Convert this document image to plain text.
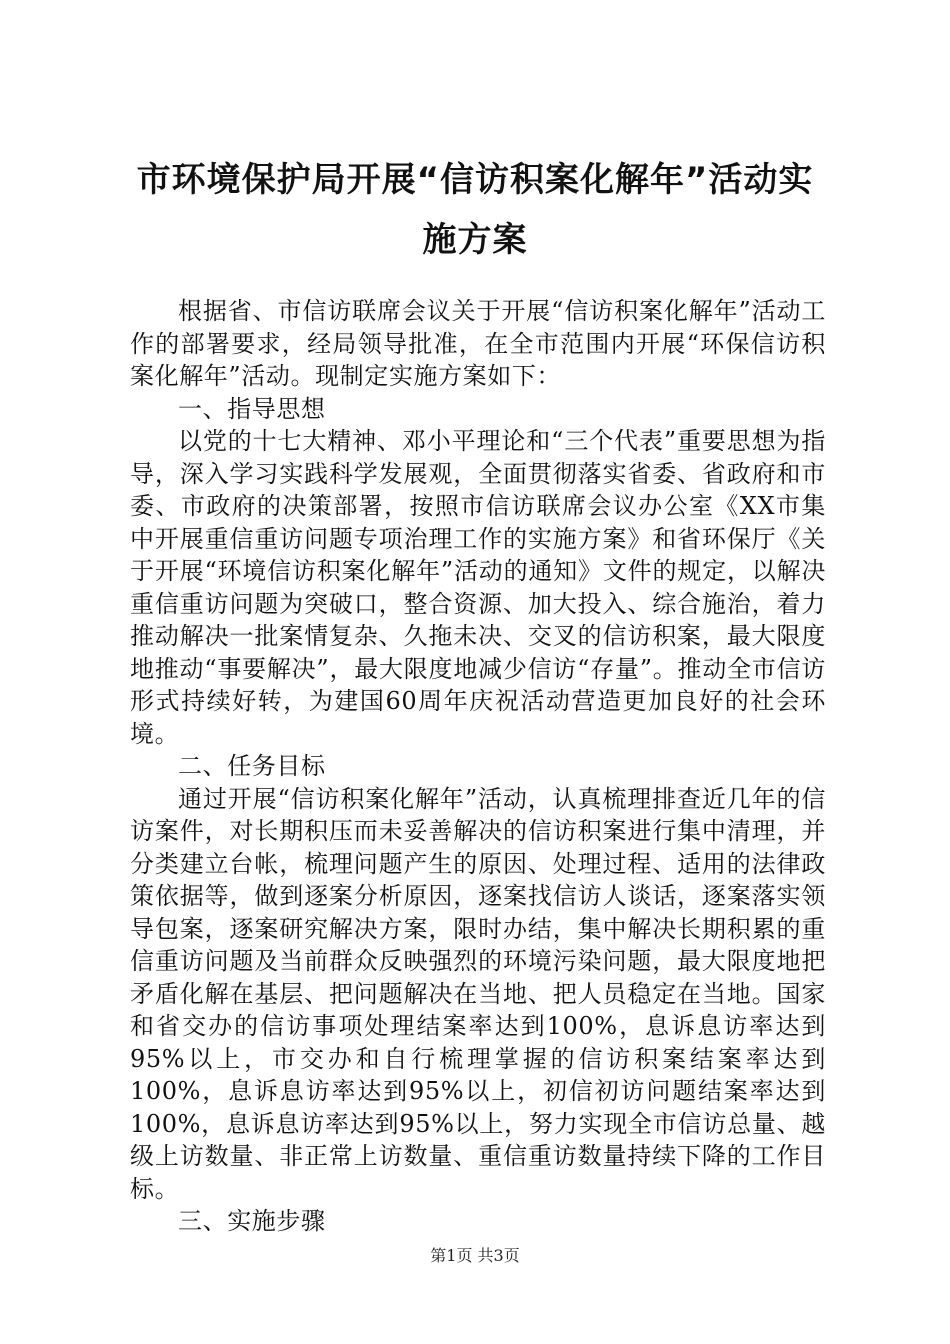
市环境保护局开展“信访积案化解年”活动实
施方案

根据省、市信访联席会议关于开展“信访积案化解年”活动工作的部署要求，经局领导批准，在全市范围内开展“环保信访积案化解年”活动。现制定实施方案如下：

一、指导思想

以党的十七大精神、邓小平理论和“三个代表”重要思想为指导，深入学习实践科学发展观，全面贯彻落实省委、省政府和市委、市政府的决策部署，按照市信访联席会议办公室《XX市集中开展重信重访问题专项治理工作的实施方案》和省环保厅《关于开展“环境信访积案化解年”活动的通知》文件的规定，以解决重信重访问题为突破口，整合资源、加大投入、综合施治，着力推动解决一批案情复杂、久拖未决、交叉的信访积案，最大限度地推动“事要解决”，最大限度地减少信访“存量”。推动全市信访形式持续好转，为建国60周年庆祝活动营造更加良好的社会环境。

二、任务目标

通过开展“信访积案化解年”活动，认真梳理排查近几年的信访案件，对长期积压而未妥善解决的信访积案进行集中清理，并分类建立台帐，梳理问题产生的原因、处理过程、适用的法律政策依据等，做到逐案分析原因，逐案找信访人谈话，逐案落实领导包案，逐案研究解决方案，限时办结，集中解决长期积累的重信重访问题及当前群众反映强烈的环境污染问题，最大限度地把矛盾化解在基层、把问题解决在当地、把人员稳定在当地。国家和省交办的信访事项处理结案率达到100%，息诉息访率达到95%以上，市交办和自行梳理掌握的信访积案结案率达到100%，息诉息访率达到95%以上，初信初访问题结案率达到100%，息诉息访率达到95%以上，努力实现全市信访总量、越级上访数量、非正常上访数量、重信重访数量持续下降的工作目标。

三、实施步骤

第1页 共3页
